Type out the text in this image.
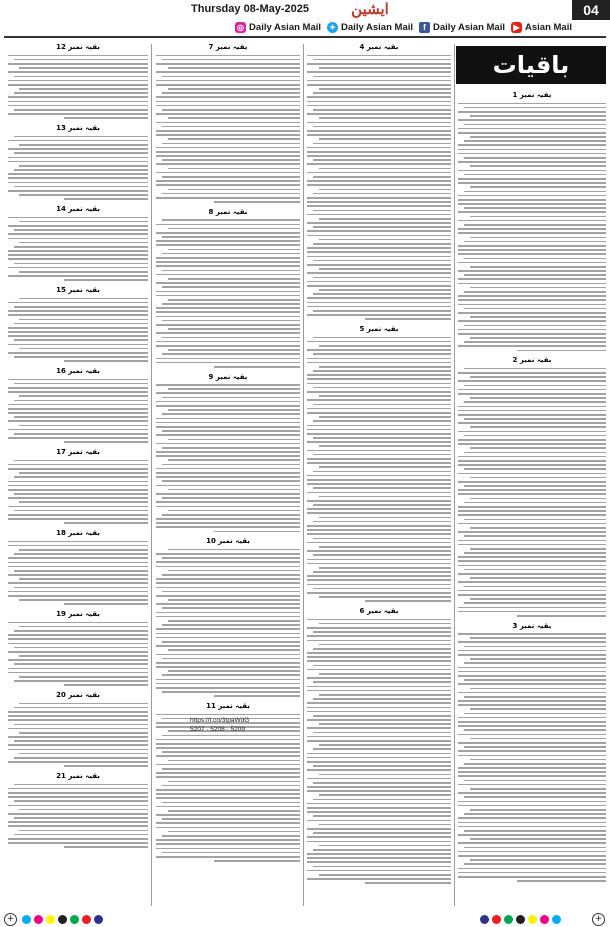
Thursday 08-May-2025	ایشین	04
◎ Daily Asian Mail ✦ Daily Asian Mail	f Daily Asian Mail	▶ Asian Mail
باقیات
بقیہ نمبر 12
بقیہ نمبر 13
بقیہ نمبر 14
بقیہ نمبر 15
بقیہ نمبر 16
بقیہ نمبر 17
بقیہ نمبر 18
بقیہ نمبر 19
بقیہ نمبر 20
بقیہ نمبر 21
بقیہ نمبر 7
بقیہ نمبر 8
بقیہ نمبر 9
بقیہ نمبر 10
بقیہ نمبر 11
بقیہ نمبر 4
بقیہ نمبر 5
بقیہ نمبر 6
بقیہ نمبر 1
بقیہ نمبر 2
بقیہ نمبر 3
https://t.co/3tpaWdG
5207 · 5208 · 5209
+	+
